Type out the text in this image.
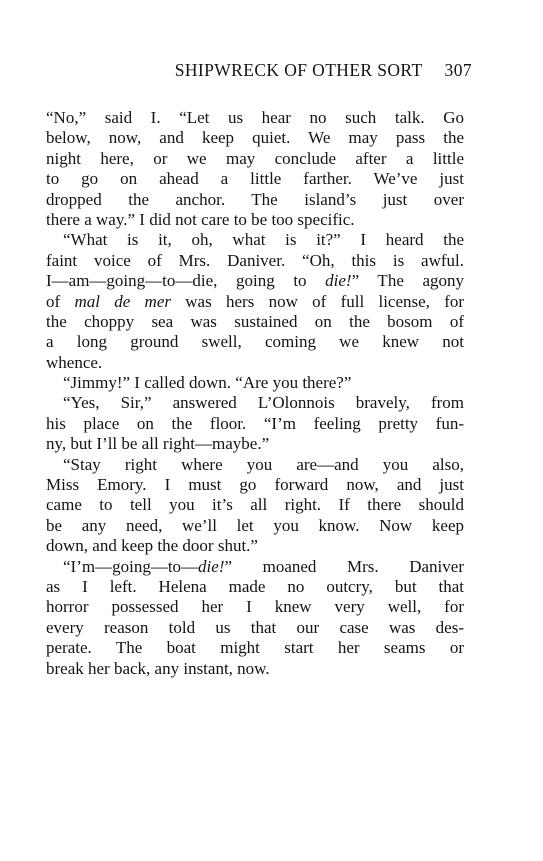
SHIPWRECK OF OTHER SORT 307
“No,” said I. “Let us hear no such talk. Go
below, now, and keep quiet. We may pass the
night here, or we may conclude after a little
to go on ahead a little farther. We’ve just
dropped the anchor. The island’s just over
there a way.” I did not care to be too specific.
“What is it, oh, what is it?” I heard the
faint voice of Mrs. Daniver. “Oh, this is awful.
I—am—going—to—die, going to die!” The agony
of mal de mer was hers now of full license, for
the choppy sea was sustained on the bosom of
a long ground swell, coming we knew not
whence.
“Jimmy!” I called down. “Are you there?”
“Yes, Sir,” answered L’Olonnois bravely, from
his place on the floor. “I’m feeling pretty fun-
ny, but I’ll be all right—maybe.”
“Stay right where you are—and you also,
Miss Emory. I must go forward now, and just
came to tell you it’s all right. If there should
be any need, we’ll let you know. Now keep
down, and keep the door shut.”
“I’m—going—to—die!” moaned Mrs. Daniver
as I left. Helena made no outcry, but that
horror possessed her I knew very well, for
every reason told us that our case was des-
perate. The boat might start her seams or
break her back, any instant, now.
